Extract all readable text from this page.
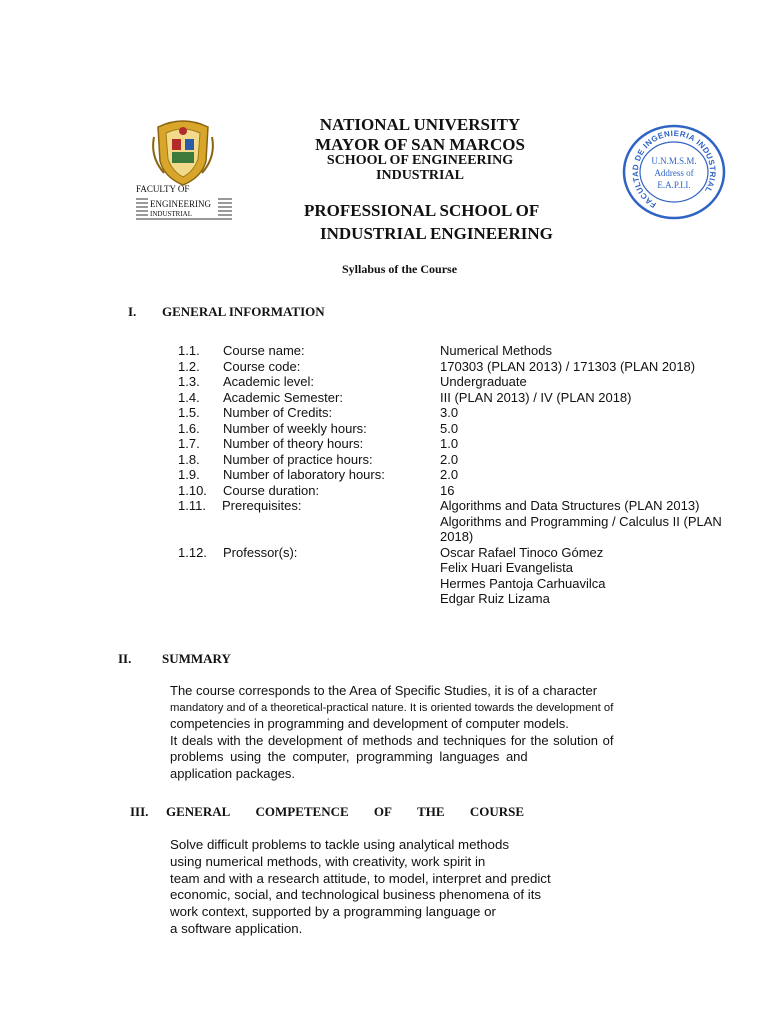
FACULTY OF
ENGINEERING
INDUSTRIAL
NATIONAL UNIVERSITY
MAYOR OF SAN MARCOS
SCHOOL OF ENGINEERING
INDUSTRIAL
PROFESSIONAL SCHOOL OF
INDUSTRIAL ENGINEERING
Syllabus of the Course
FACULTAD DE INGENIERIA INDUSTRIAL
U.N.M.S.M.
Address of
E.A.P.I.I.
I. GENERAL INFORMATION
1.1. Course name:	Numerical Methods
1.2. Course code:	170303 (PLAN 2013) / 171303 (PLAN 2018)
1.3. Academic level:	Undergraduate
1.4. Academic Semester:	III (PLAN 2013) / IV (PLAN 2018)
1.5. Number of Credits:	3.0
1.6. Number of weekly hours:	5.0
1.7. Number of theory hours:	1.0
1.8. Number of practice hours:	2.0
1.9. Number of laboratory hours:	2.0
1.10. Course duration:	16
1.11. Prerequisites:	Algorithms and Data Structures (PLAN 2013)
Algorithms and Programming / Calculus II (PLAN
2018)
1.12. Professor(s):	Oscar Rafael Tinoco Gómez
Felix Huari Evangelista
Hermes Pantoja Carhuavilca
Edgar Ruiz Lizama
II. SUMMARY
The course corresponds to the Area of Specific Studies, it is of a character
mandatory and of a theoretical-practical nature. It is oriented towards the development of
competencies in programming and development of computer models.
It deals with the development of methods and techniques for the solution of
problems using the computer, programming languages and
application packages.
III. GENERAL COMPETENCE OF THE COURSE
Solve difficult problems to tackle using analytical methods
using numerical methods, with creativity, work spirit in
team and with a research attitude, to model, interpret and predict
economic, social, and technological business phenomena of its
work context, supported by a programming language or
a software application.
